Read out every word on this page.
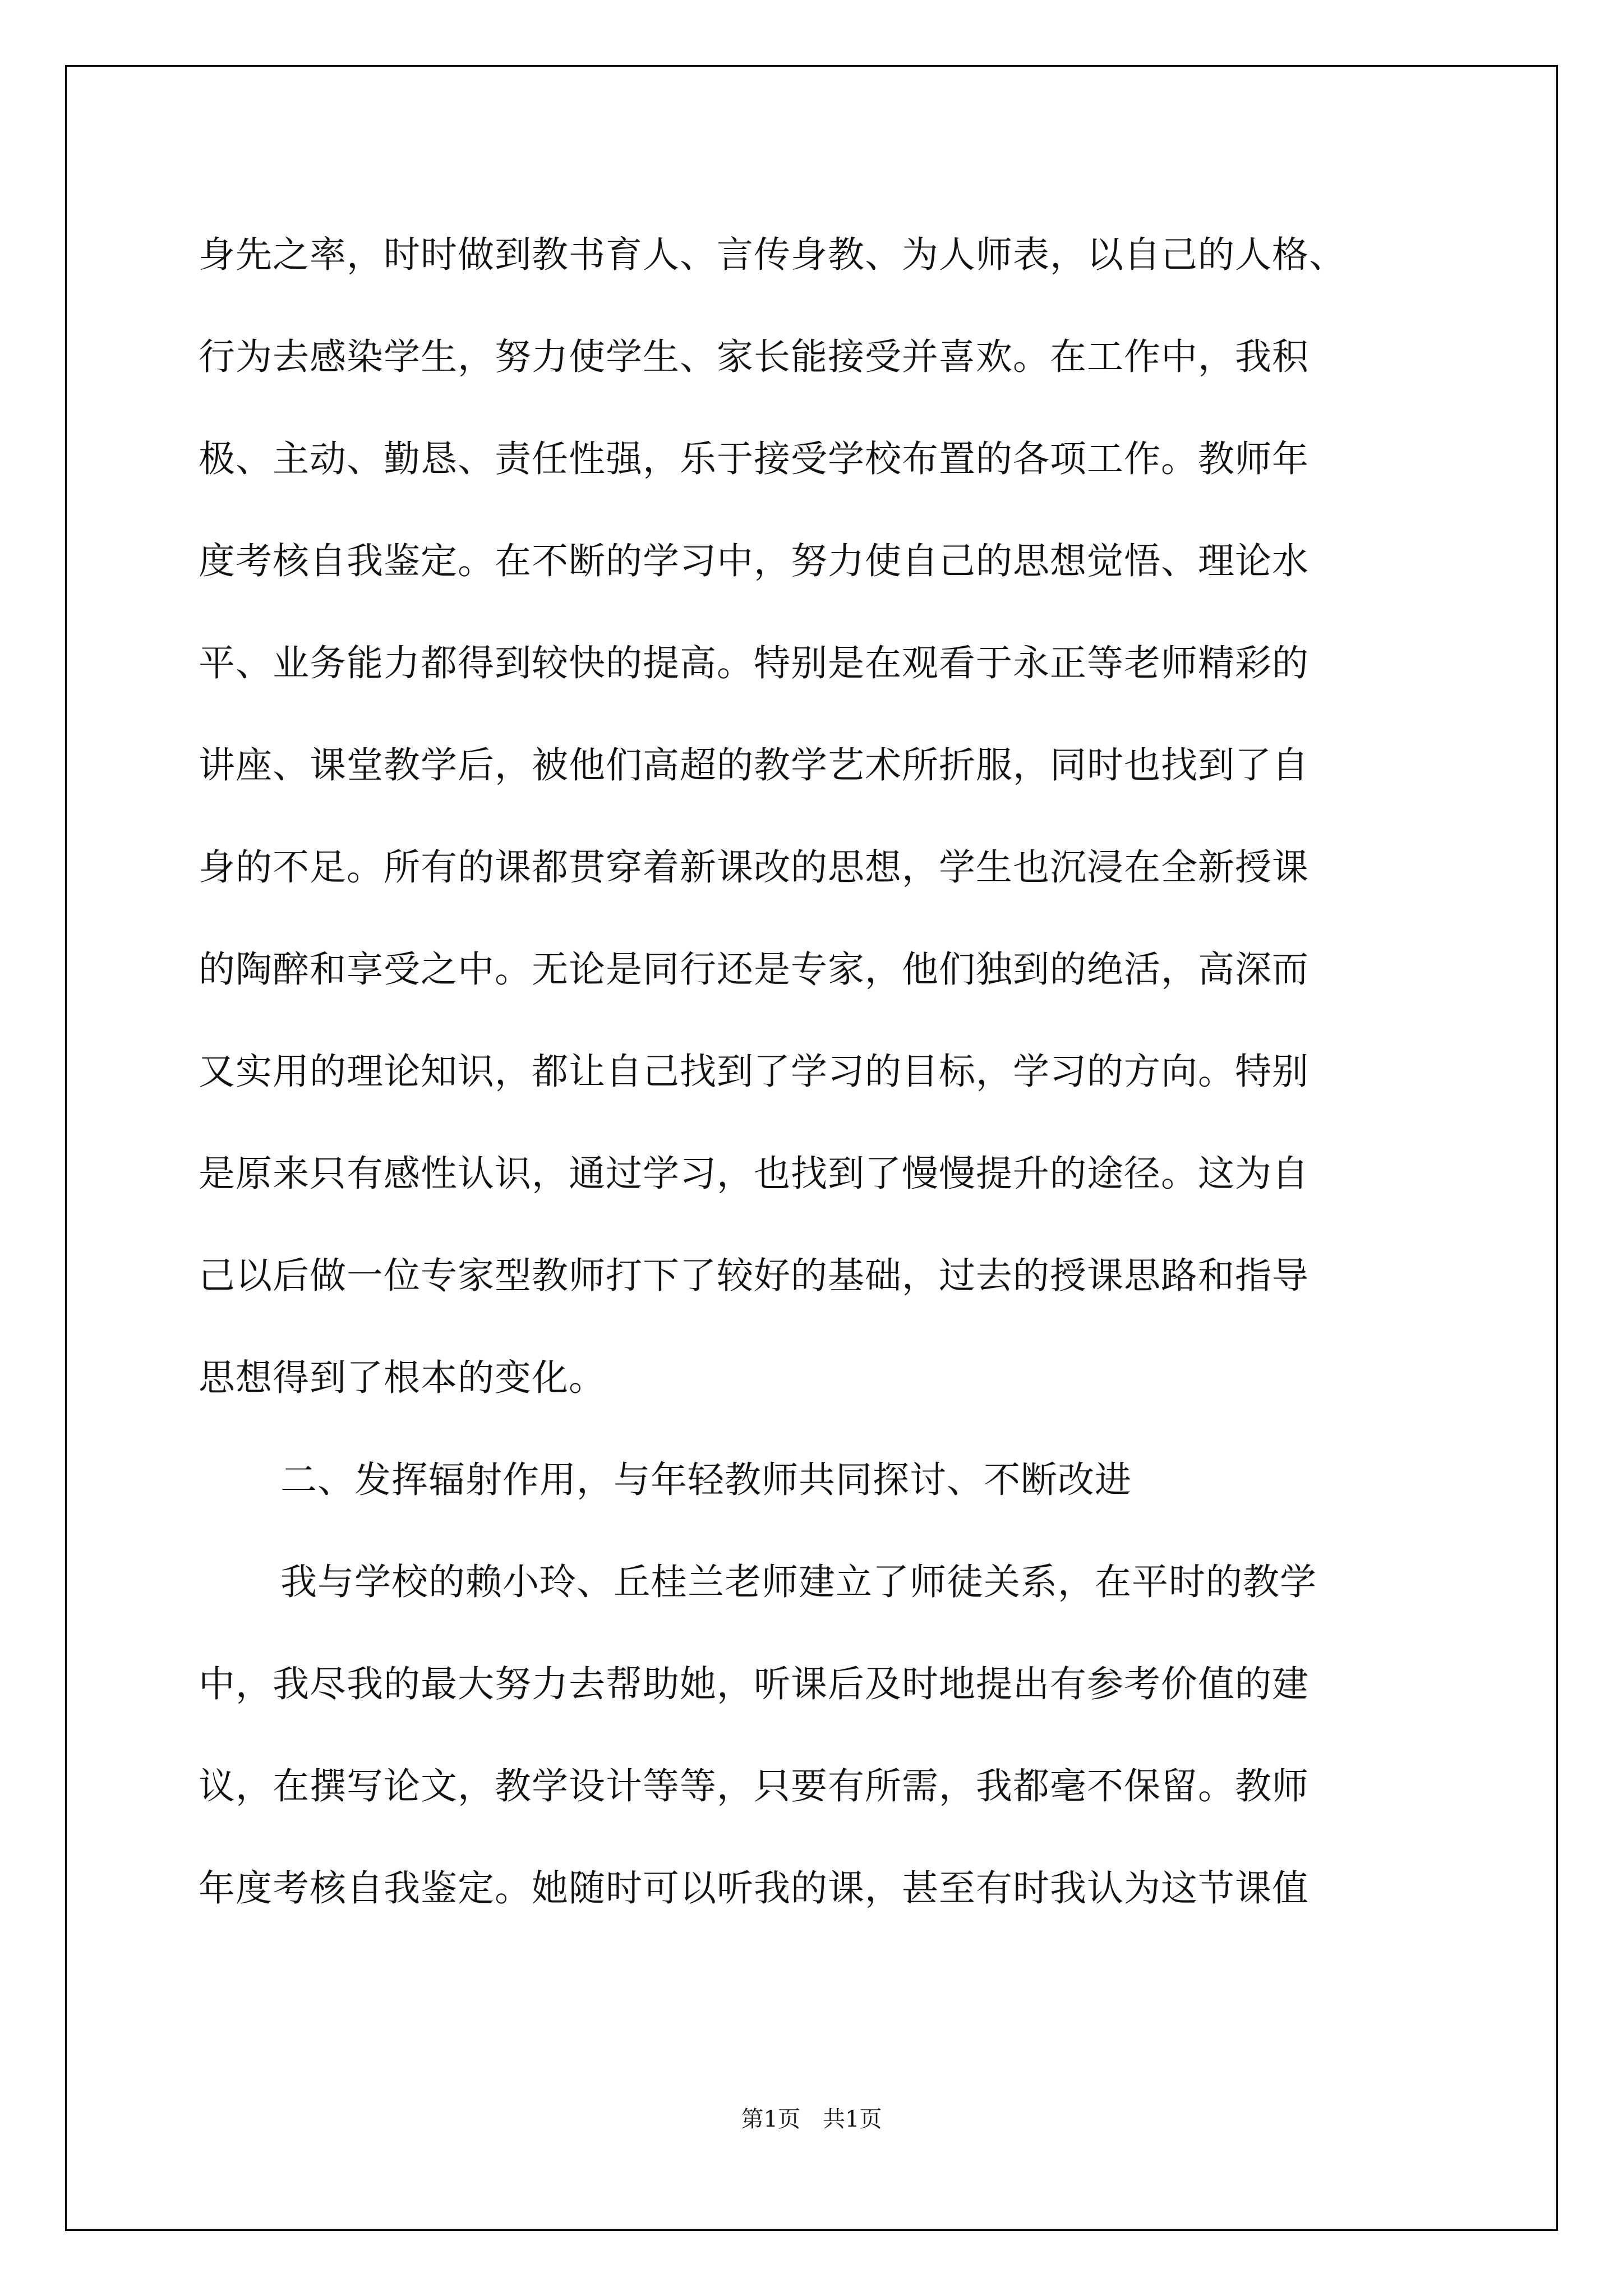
身先之率，时时做到教书育人、言传身教、为人师表，以自己的人格、
行为去感染学生，努力使学生、家长能接受并喜欢。在工作中，我积
极、主动、勤恳、责任性强，乐于接受学校布置的各项工作。教师年
度考核自我鉴定。在不断的学习中，努力使自己的思想觉悟、理论水
平、业务能力都得到较快的提高。特别是在观看于永正等老师精彩的
讲座、课堂教学后，被他们高超的教学艺术所折服，同时也找到了自
身的不足。所有的课都贯穿着新课改的思想，学生也沉浸在全新授课
的陶醉和享受之中。无论是同行还是专家，他们独到的绝活，高深而
又实用的理论知识，都让自己找到了学习的目标，学习的方向。特别
是原来只有感性认识，通过学习，也找到了慢慢提升的途径。这为自
己以后做一位专家型教师打下了较好的基础，过去的授课思路和指导
思想得到了根本的变化。
二、发挥辐射作用，与年轻教师共同探讨、不断改进
我与学校的赖小玲、丘桂兰老师建立了师徒关系，在平时的教学
中，我尽我的最大努力去帮助她，听课后及时地提出有参考价值的建
议，在撰写论文，教学设计等等，只要有所需，我都毫不保留。教师
年度考核自我鉴定。她随时可以听我的课，甚至有时我认为这节课值
第1页　共1页
